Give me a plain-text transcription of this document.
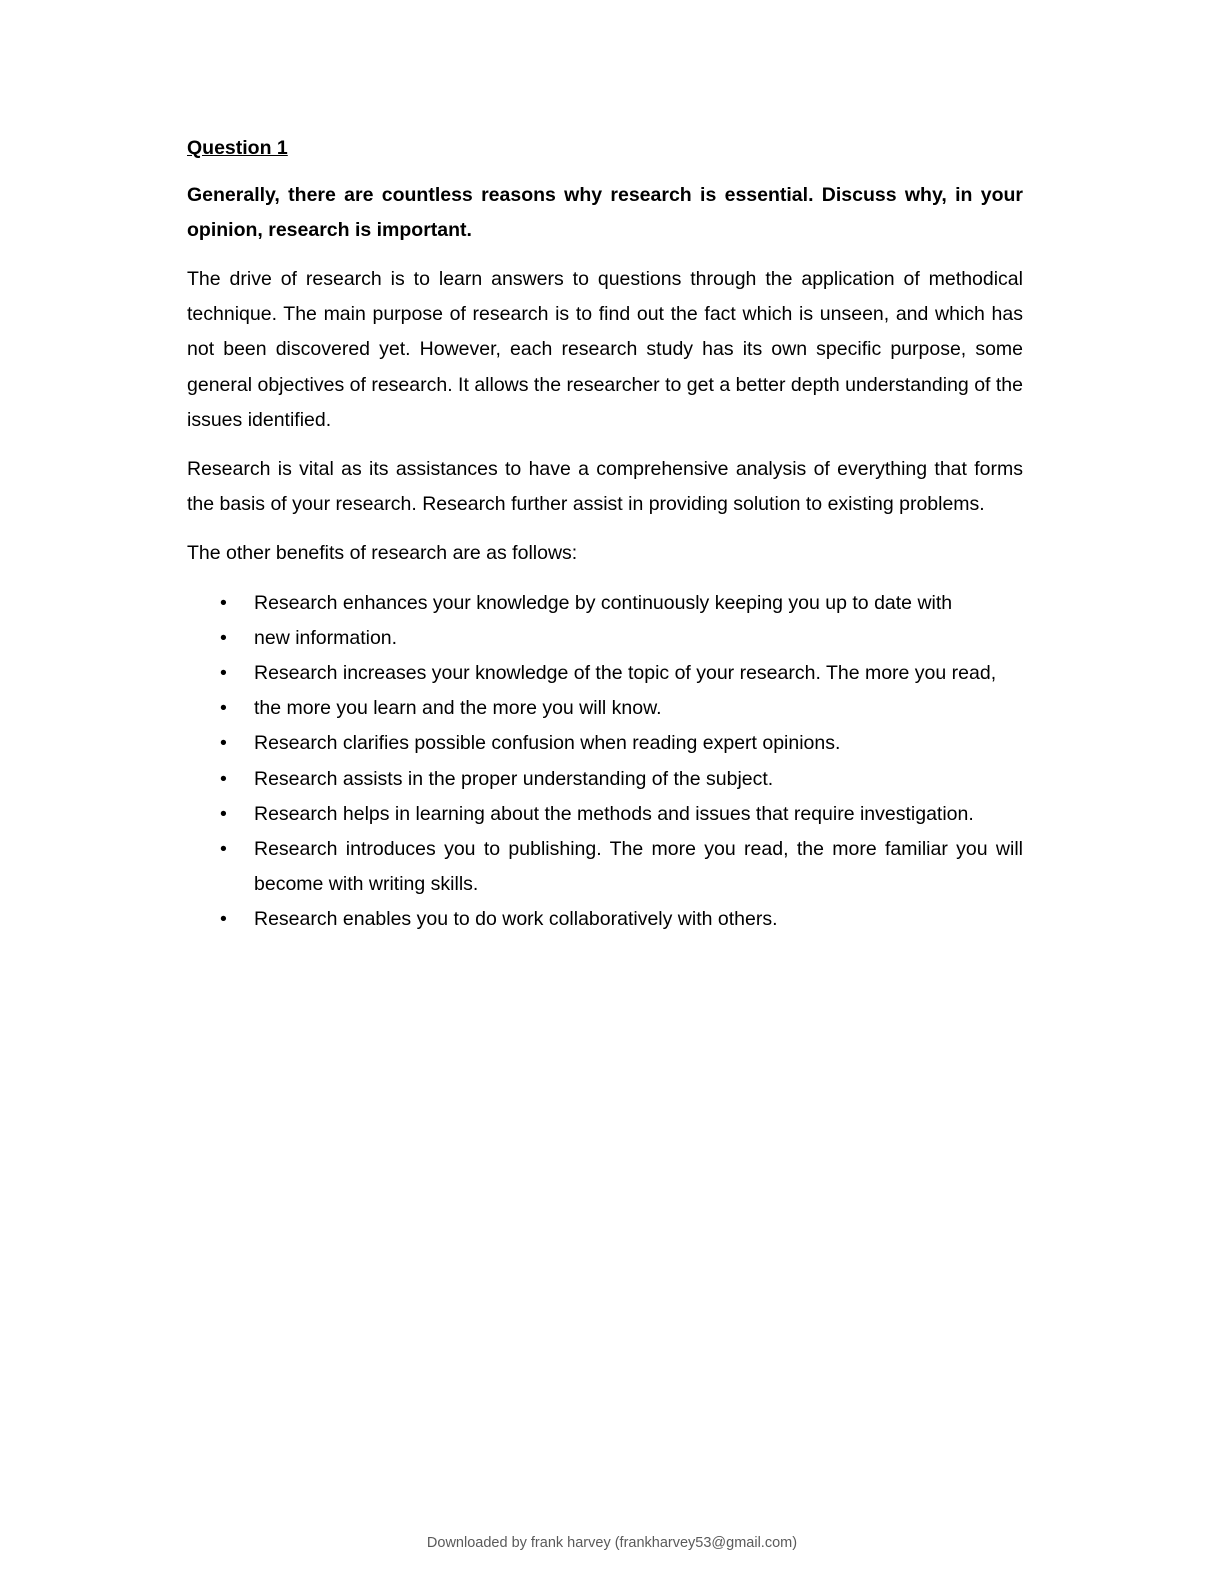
Question 1

Generally, there are countless reasons why research is essential. Discuss why, in your opinion, research is important.

The drive of research is to learn answers to questions through the application of methodical technique. The main purpose of research is to find out the fact which is unseen, and which has not been discovered yet. However, each research study has its own specific purpose, some general objectives of research. It allows the researcher to get a better depth understanding of the issues identified.

Research is vital as its assistances to have a comprehensive analysis of everything that forms the basis of your research. Research further assist in providing solution to existing problems.

The other benefits of research are as follows:

• Research enhances your knowledge by continuously keeping you up to date with
• new information.
• Research increases your knowledge of the topic of your research. The more you read,
• the more you learn and the more you will know.
• Research clarifies possible confusion when reading expert opinions.
• Research assists in the proper understanding of the subject.
• Research helps in learning about the methods and issues that require investigation.
• Research introduces you to publishing. The more you read, the more familiar you will become with writing skills.
• Research enables you to do work collaboratively with others.
Downloaded by frank harvey (frankharvey53@gmail.com)
